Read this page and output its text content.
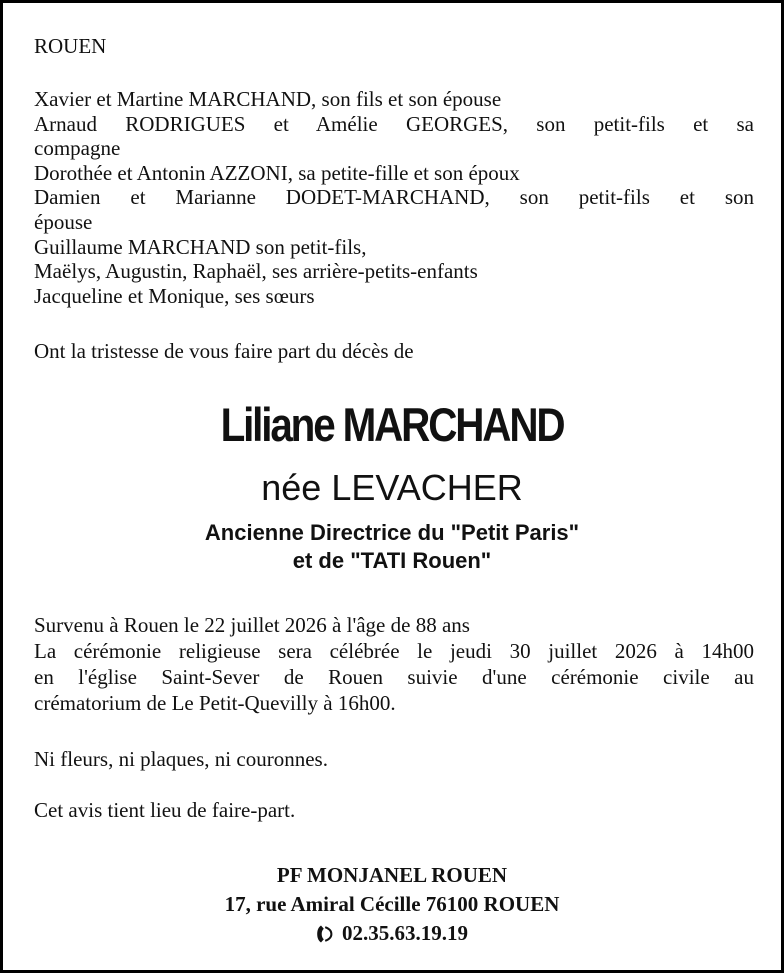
ROUEN
Xavier et Martine MARCHAND, son fils et son épouse
Arnaud RODRIGUES et Amélie GEORGES, son petit-fils et sa
compagne
Dorothée et Antonin AZZONI, sa petite-fille et son époux
Damien et Marianne DODET-MARCHAND, son petit-fils et son
épouse
Guillaume MARCHAND son petit-fils,
Maëlys, Augustin, Raphaël, ses arrière-petits-enfants
Jacqueline et Monique, ses sœurs
Ont la tristesse de vous faire part du décès de
Liliane MARCHAND
née LEVACHER
Ancienne Directrice du "Petit Paris"
et de "TATI Rouen"
Survenu à Rouen le 22 juillet 2026 à l'âge de 88 ans
La cérémonie religieuse sera célébrée le jeudi 30 juillet 2026 à 14h00
en l'église Saint-Sever de Rouen suivie d'une cérémonie civile au
crématorium de Le Petit-Quevilly à 16h00.
Ni fleurs, ni plaques, ni couronnes.
Cet avis tient lieu de faire-part.
PF MONJANEL ROUEN
17, rue Amiral Cécille 76100 ROUEN
02.35.63.19.19
